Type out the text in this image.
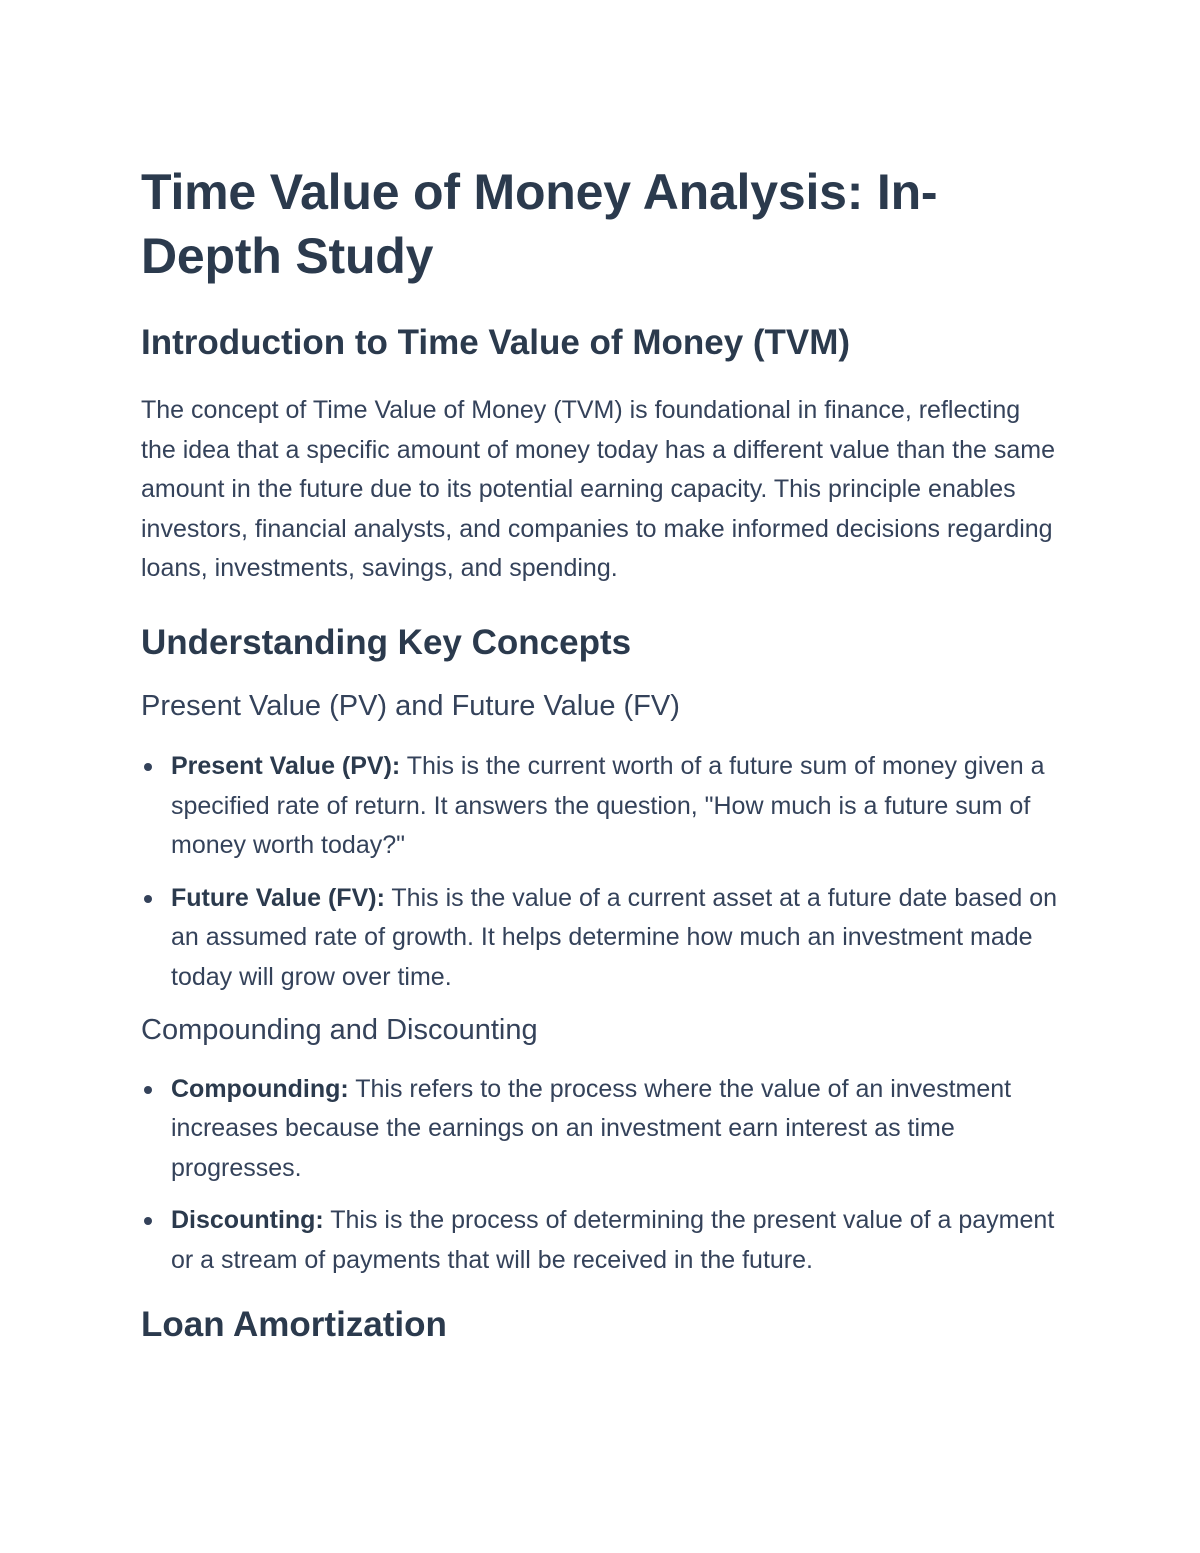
Time Value of Money Analysis: In-Depth Study
Introduction to Time Value of Money (TVM)

The concept of Time Value of Money (TVM) is foundational in finance, reflecting the idea that a specific amount of money today has a different value than the same amount in the future due to its potential earning capacity. This principle enables investors, financial analysts, and companies to make informed decisions regarding loans, investments, savings, and spending.

Understanding Key Concepts
Present Value (PV) and Future Value (FV)
Present Value (PV): This is the current worth of a future sum of money given a specified rate of return. It answers the question, "How much is a future sum of money worth today?"
Future Value (FV): This is the value of a current asset at a future date based on an assumed rate of growth. It helps determine how much an investment made today will grow over time.
Compounding and Discounting
Compounding: This refers to the process where the value of an investment increases because the earnings on an investment earn interest as time progresses.
Discounting: This is the process of determining the present value of a payment or a stream of payments that will be received in the future.
Loan Amortization
